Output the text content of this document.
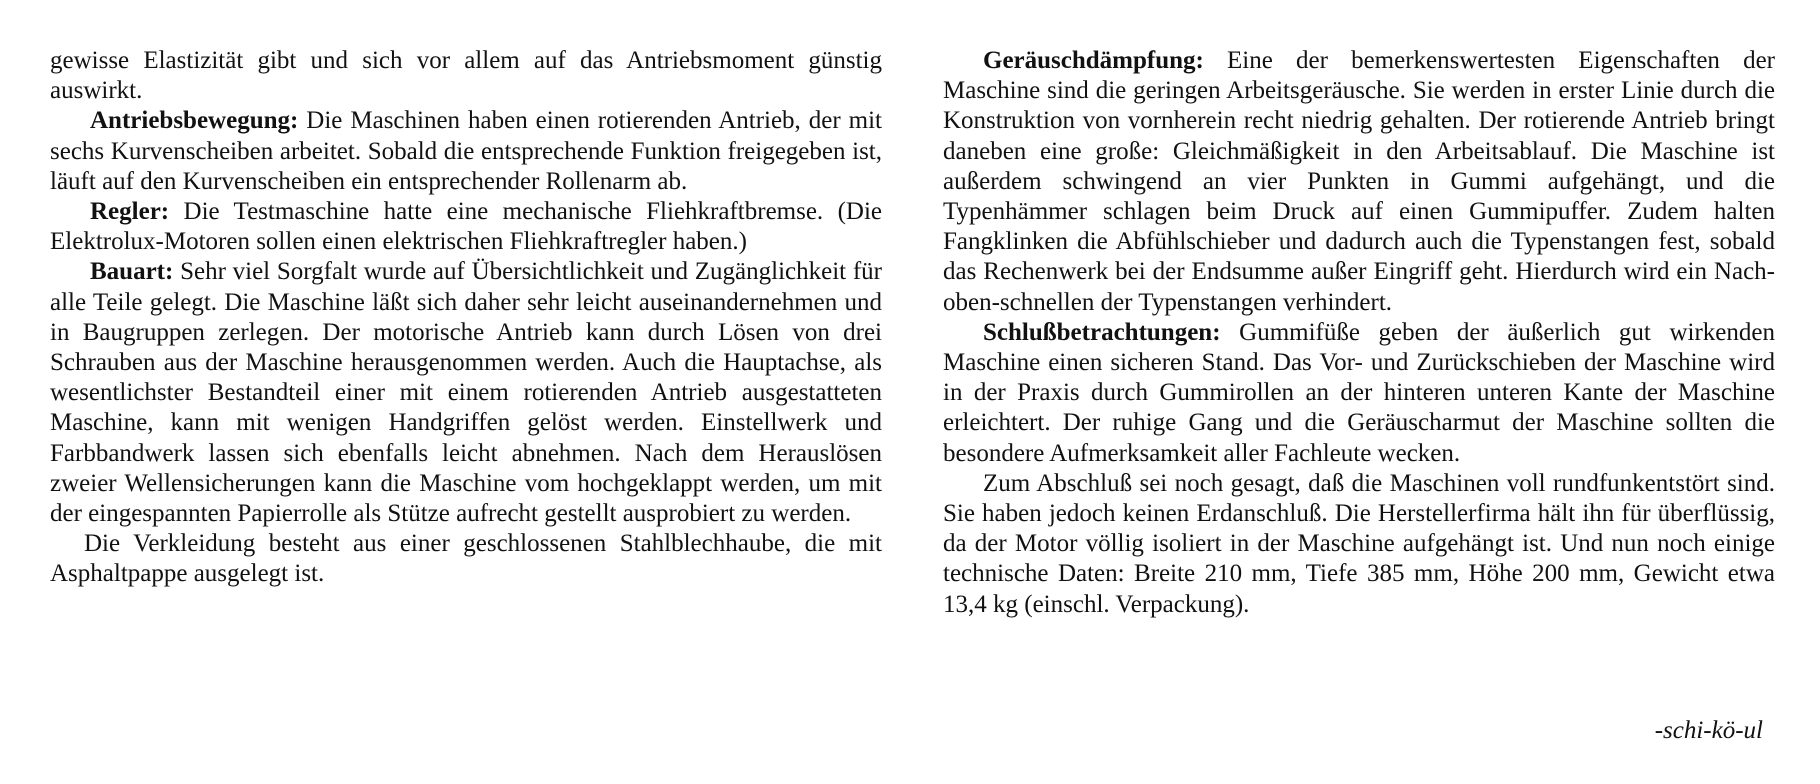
gewisse Elastizität gibt und sich vor allem auf das Antriebsmoment günstig auswirkt.

Antriebsbewegung: Die Maschinen haben einen rotierenden Antrieb, der mit sechs Kurvenscheiben arbeitet. Sobald die entsprechende Funktion freigegeben ist, läuft auf den Kurvenscheiben ein entsprechender Rollenarm ab.

Regler: Die Testmaschine hatte eine mechanische Fliehkraftbremse. (Die Elektrolux-Motoren sollen einen elektrischen Fliehkraftregler haben.)

Bauart: Sehr viel Sorgfalt wurde auf Übersichtlichkeit und Zugänglichkeit für alle Teile gelegt. Die Maschine läßt sich daher sehr leicht auseinandernehmen und in Baugruppen zerlegen. Der motorische Antrieb kann durch Lösen von drei Schrauben aus der Maschine herausgenommen werden. Auch die Hauptachse, als wesentlichster Bestandteil einer mit einem rotierenden Antrieb ausgestatteten Maschine, kann mit wenigen Handgriffen gelöst werden. Einstellwerk und Farbbandwerk lassen sich ebenfalls leicht abnehmen. Nach dem Herauslösen zweier Wellensicherungen kann die Maschine vom hochgeklappt werden, um mit der eingespannten Papierrolle als Stütze aufrecht gestellt ausprobiert zu werden.

Die Verkleidung besteht aus einer geschlossenen Stahlblechhaube, die mit Asphaltpappe ausgelegt ist.

Geräuschdämpfung: Eine der bemerkenswertesten Eigenschaften der Maschine sind die geringen Arbeitsgeräusche. Sie werden in erster Linie durch die Konstruktion von vornherein recht niedrig gehalten. Der rotierende Antrieb bringt daneben eine große: Gleichmäßigkeit in den Arbeitsablauf. Die Maschine ist außerdem schwingend an vier Punkten in Gummi aufgehängt, und die Typenhämmer schlagen beim Druck auf einen Gummipuffer. Zudem halten Fangklinken die Abfühlschieber und dadurch auch die Typenstangen fest, sobald das Rechenwerk bei der Endsumme außer Eingriff geht. Hierdurch wird ein Nach-oben-schnellen der Typenstangen verhindert.

Schlußbetrachtungen: Gummifüße geben der äußerlich gut wirkenden Maschine einen sicheren Stand. Das Vor- und Zurückschieben der Maschine wird in der Praxis durch Gummirollen an der hinteren unteren Kante der Maschine erleichtert. Der ruhige Gang und die Geräuscharmut der Maschine sollten die besondere Aufmerksamkeit aller Fachleute wecken.

Zum Abschluß sei noch gesagt, daß die Maschinen voll rundfunkentstört sind. Sie haben jedoch keinen Erdanschluß. Die Herstellerfirma hält ihn für überflüssig, da der Motor völlig isoliert in der Maschine aufgehängt ist. Und nun noch einige technische Daten: Breite 210 mm, Tiefe 385 mm, Höhe 200 mm, Gewicht etwa 13,4 kg (einschl. Verpackung).

-schi-kö-ul
